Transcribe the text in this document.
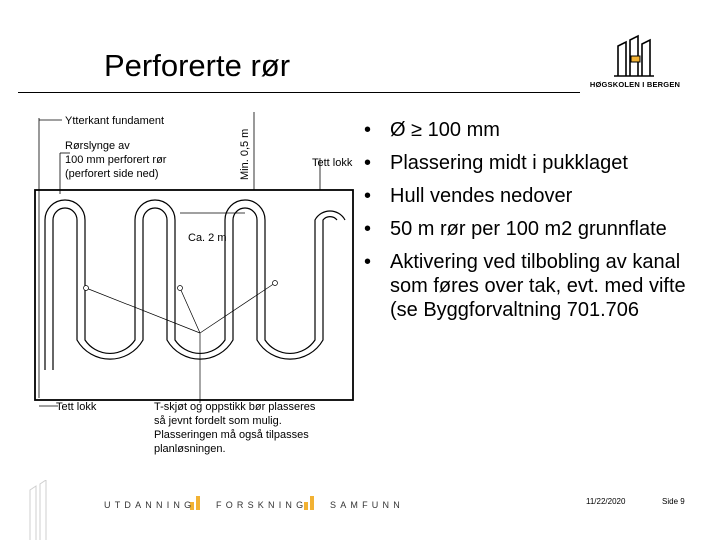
Perforerte rør
HØGSKOLEN I BERGEN
Ytterkant fundament
Rørslynge av
100 mm perforert rør
(perforert side ned)	Min. 0,5 m	Tett lokk
Ca. 2 m
Tett lokk	T-skjøt og oppstikk bør plasseres
så jevnt fordelt som mulig.
Plasseringen må også tilpasses
planløsningen.
• Ø ≥ 100 mm
• Plassering midt i pukklaget
• Hull vendes nedover
• 50 m rør per 100 m2 grunnflate
• Aktivering ved tilbobling av kanal som føres over tak, evt. med vifte (se Byggforvaltning 701.706
UTDANNING FORSKNING	SAMFUNN	11/22/2020	Side 9
